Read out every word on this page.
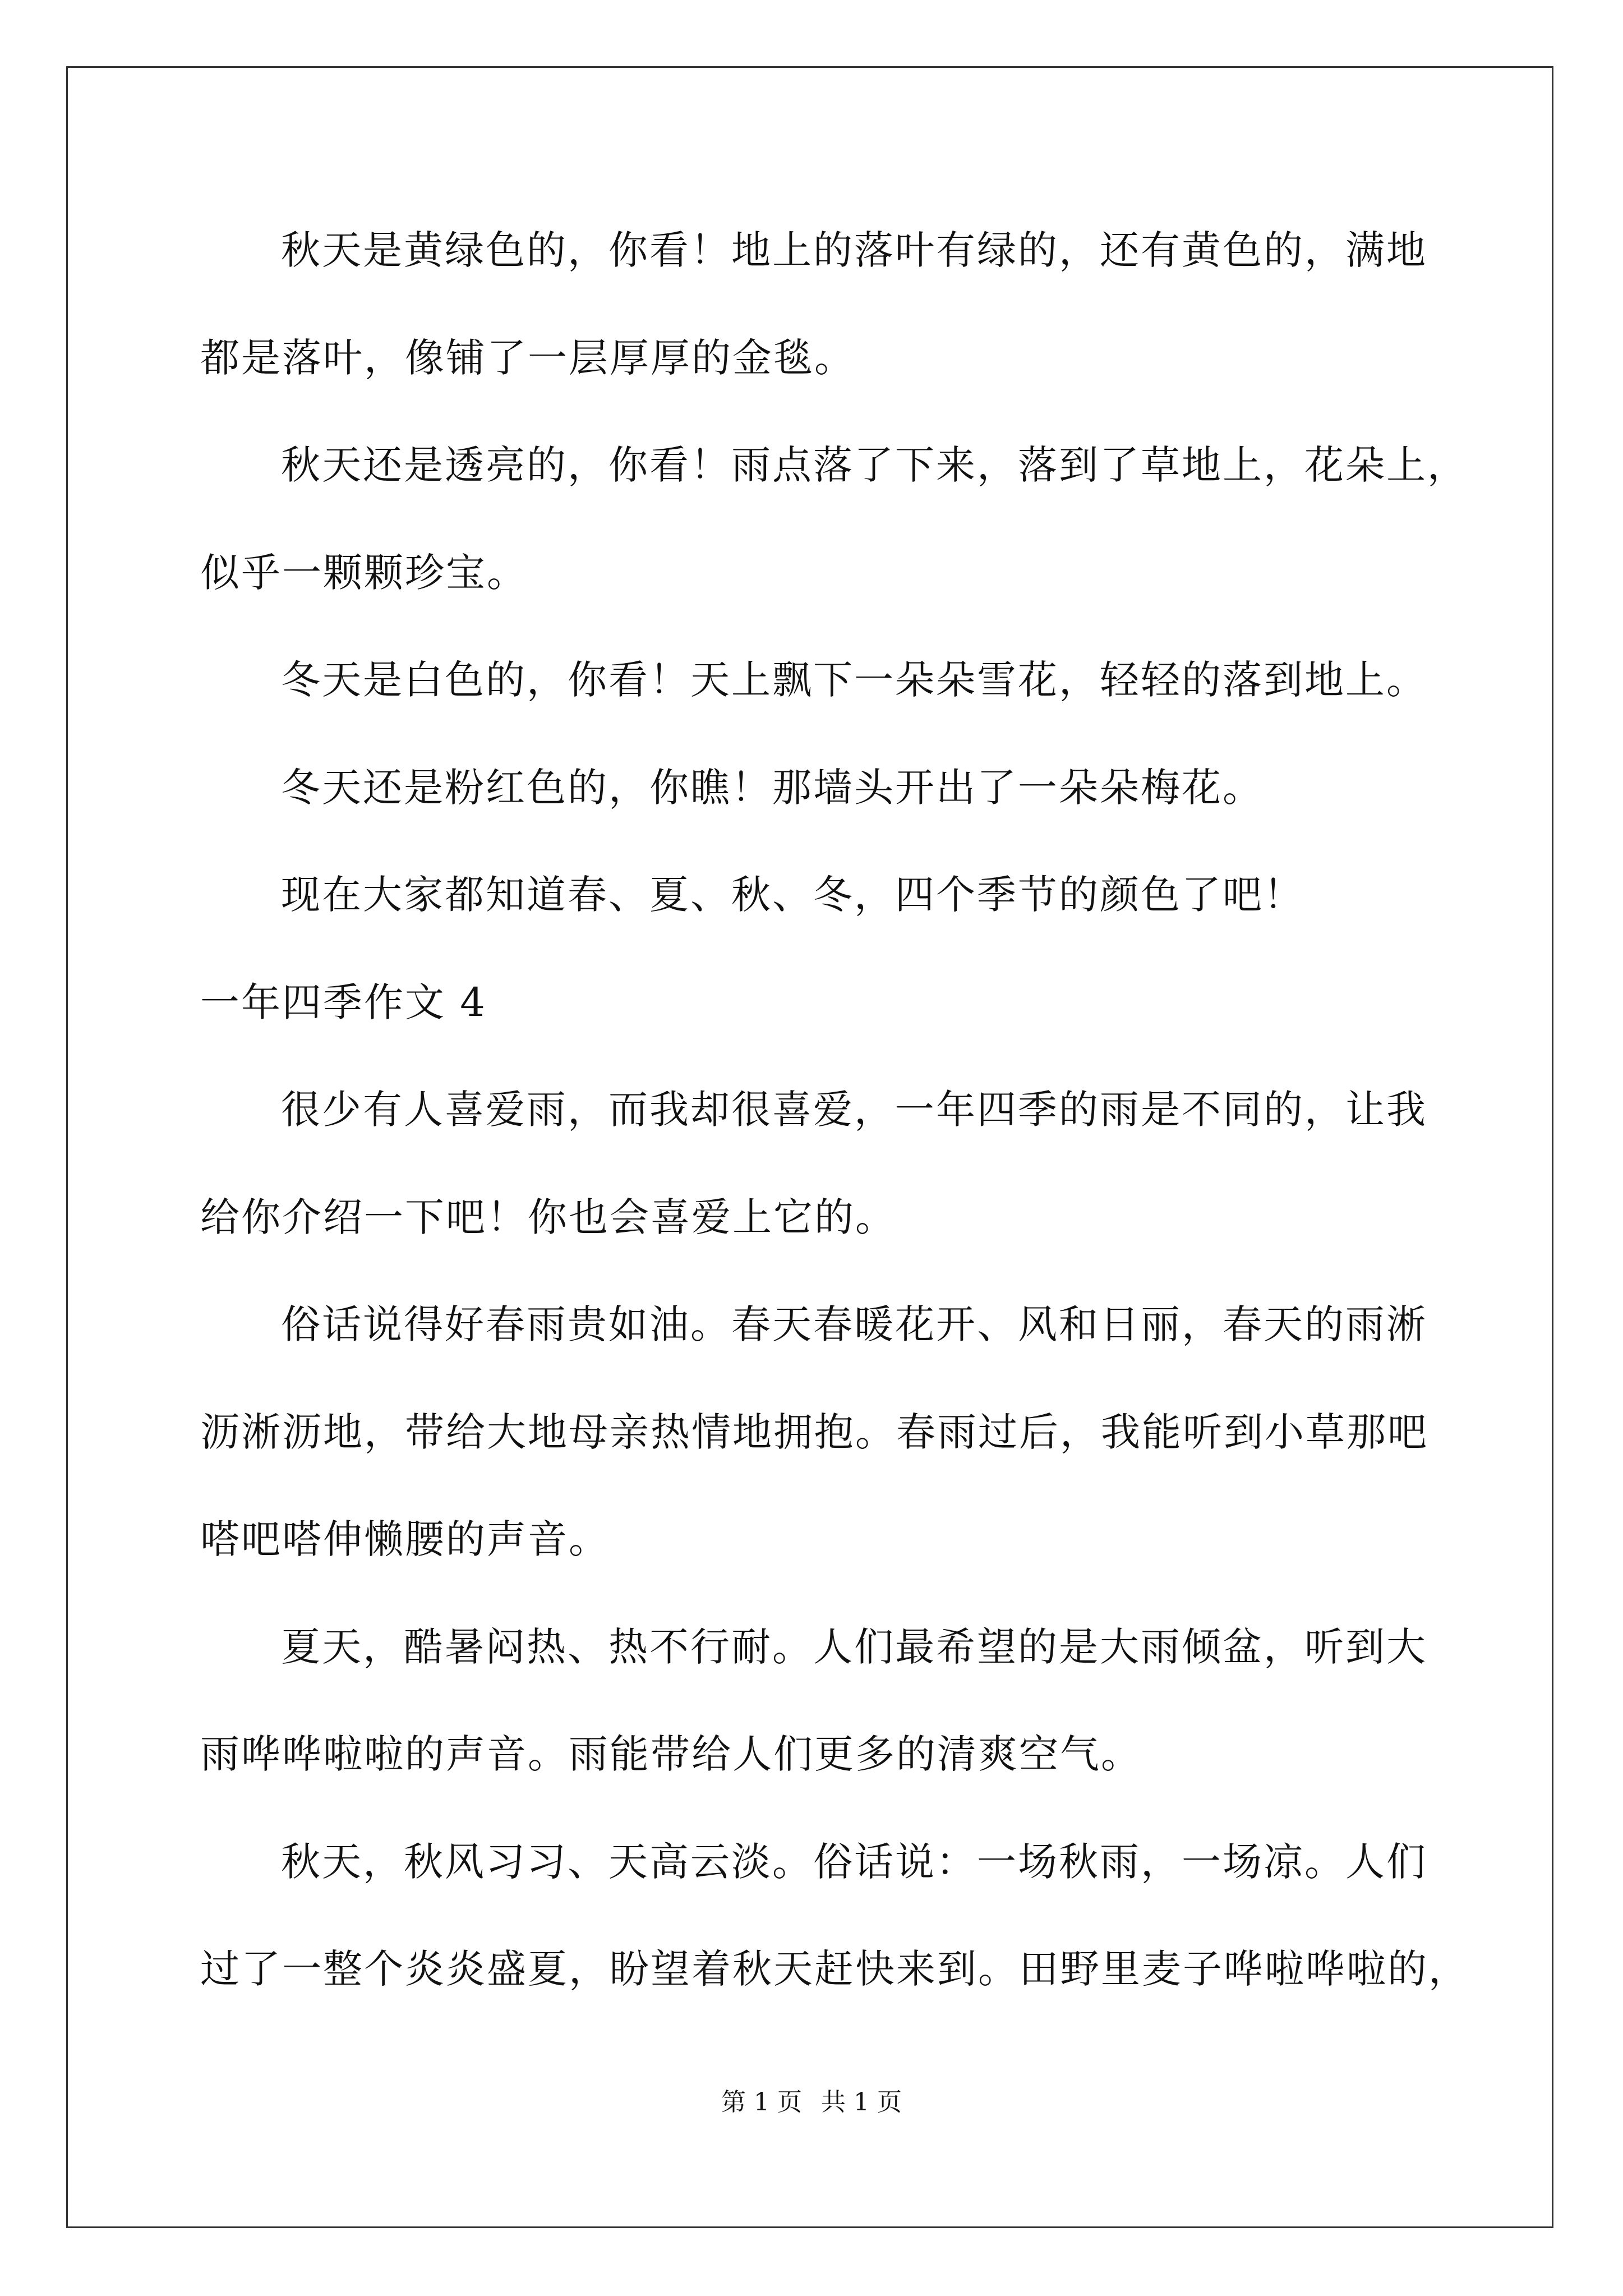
秋天是黄绿色的，你看！地上的落叶有绿的，还有黄色的，满地
都是落叶，像铺了一层厚厚的金毯。
秋天还是透亮的，你看！雨点落了下来，落到了草地上，花朵上，
似乎一颗颗珍宝。
冬天是白色的，你看！天上飘下一朵朵雪花，轻轻的落到地上。
冬天还是粉红色的，你瞧！那墙头开出了一朵朵梅花。
现在大家都知道春、夏、秋、冬，四个季节的颜色了吧！
一年四季作文 4
很少有人喜爱雨，而我却很喜爱，一年四季的雨是不同的，让我
给你介绍一下吧！你也会喜爱上它的。
俗话说得好春雨贵如油。春天春暖花开、风和日丽，春天的雨淅
沥淅沥地，带给大地母亲热情地拥抱。春雨过后，我能听到小草那吧
嗒吧嗒伸懒腰的声音。
夏天，酷暑闷热、热不行耐。人们最希望的是大雨倾盆，听到大
雨哗哗啦啦的声音。雨能带给人们更多的清爽空气。
秋天，秋风习习、天高云淡。俗话说：一场秋雨，一场凉。人们
过了一整个炎炎盛夏，盼望着秋天赶快来到。田野里麦子哗啦哗啦的，
第 1 页 共 1 页
